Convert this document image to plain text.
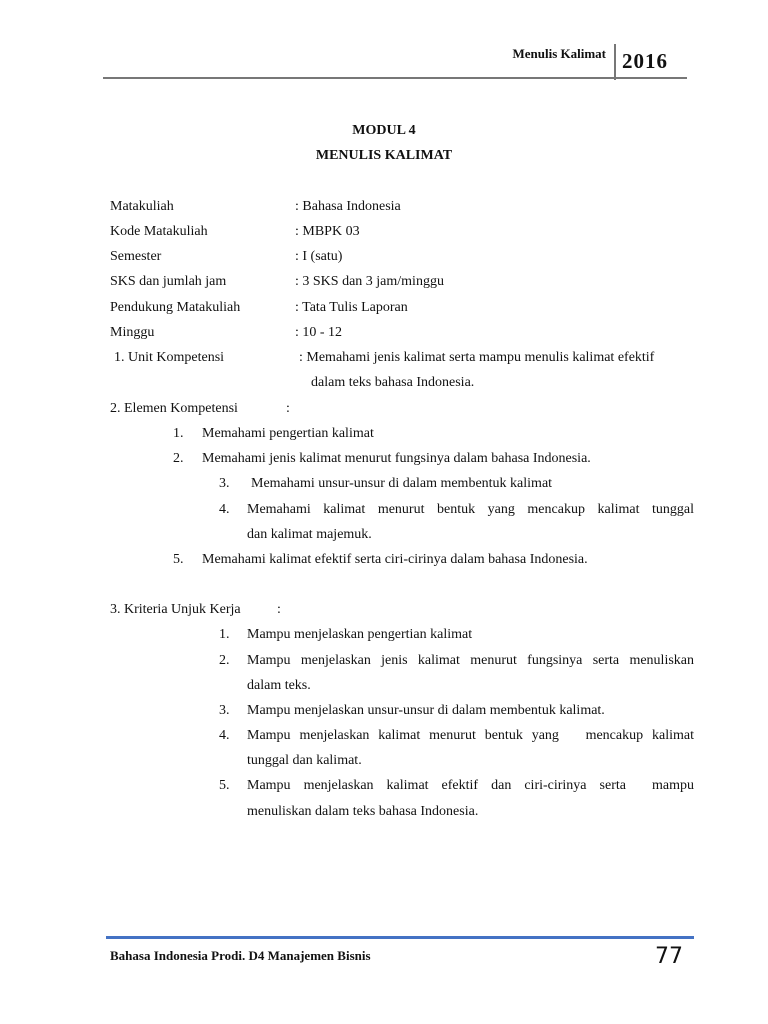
Menulis Kalimat 2016
MODUL 4
MENULIS KALIMAT
Matakuliah	: Bahasa Indonesia
Kode Matakuliah	: MBPK 03
Semester	: I (satu)
SKS dan jumlah jam	: 3 SKS dan 3 jam/minggu
Pendukung Matakuliah	: Tata Tulis Laporan
Minggu	: 10 - 12
1. Unit Kompetensi	: Memahami jenis kalimat serta mampu menulis kalimat efektif
dalam teks bahasa Indonesia.
2. Elemen Kompetensi	:
1. Memahami pengertian kalimat
2. Memahami jenis kalimat menurut fungsinya dalam bahasa Indonesia.
3. Memahami unsur-unsur di dalam membentuk kalimat
4. Memahami kalimat menurut bentuk yang mencakup kalimat tunggal
dan kalimat majemuk.
5. Memahami kalimat efektif serta ciri-cirinya dalam bahasa Indonesia.
3. Kriteria Unjuk Kerja	:
1. Mampu menjelaskan pengertian kalimat
2. Mampu menjelaskan jenis kalimat menurut fungsinya serta menuliskan
dalam teks.
3. Mampu menjelaskan unsur-unsur di dalam membentuk kalimat.
4. Mampu menjelaskan kalimat menurut bentuk yang   mencakup kalimat
tunggal dan kalimat.
5. Mampu menjelaskan kalimat efektif dan ciri-cirinya serta  mampu
menuliskan dalam teks bahasa Indonesia.
Bahasa Indonesia Prodi. D4 Manajemen Bisnis	77
